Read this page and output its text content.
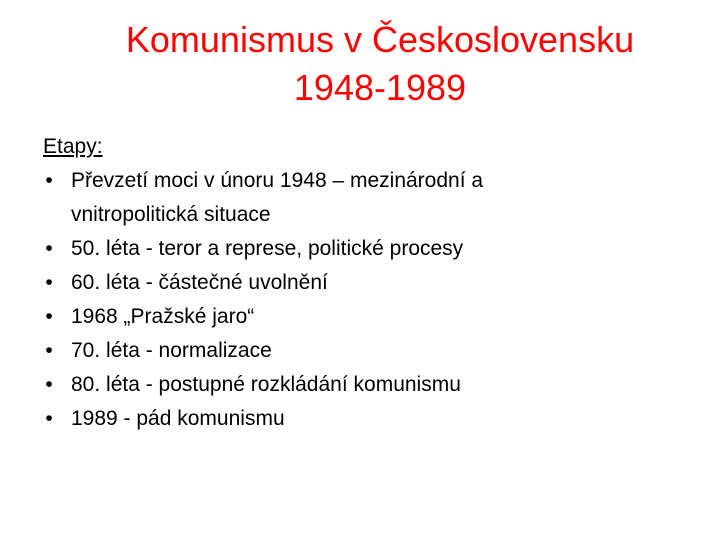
Komunismus v Československu
1948-1989
Etapy:
• Převzetí moci v únoru 1948 – mezinárodní a
vnitropolitická situace
• 50. léta - teror a represe, politické procesy
• 60. léta - částečné uvolnění
• 1968 „Pražské jaro“
• 70. léta - normalizace
• 80. léta - postupné rozkládání komunismu
• 1989 - pád komunismu
